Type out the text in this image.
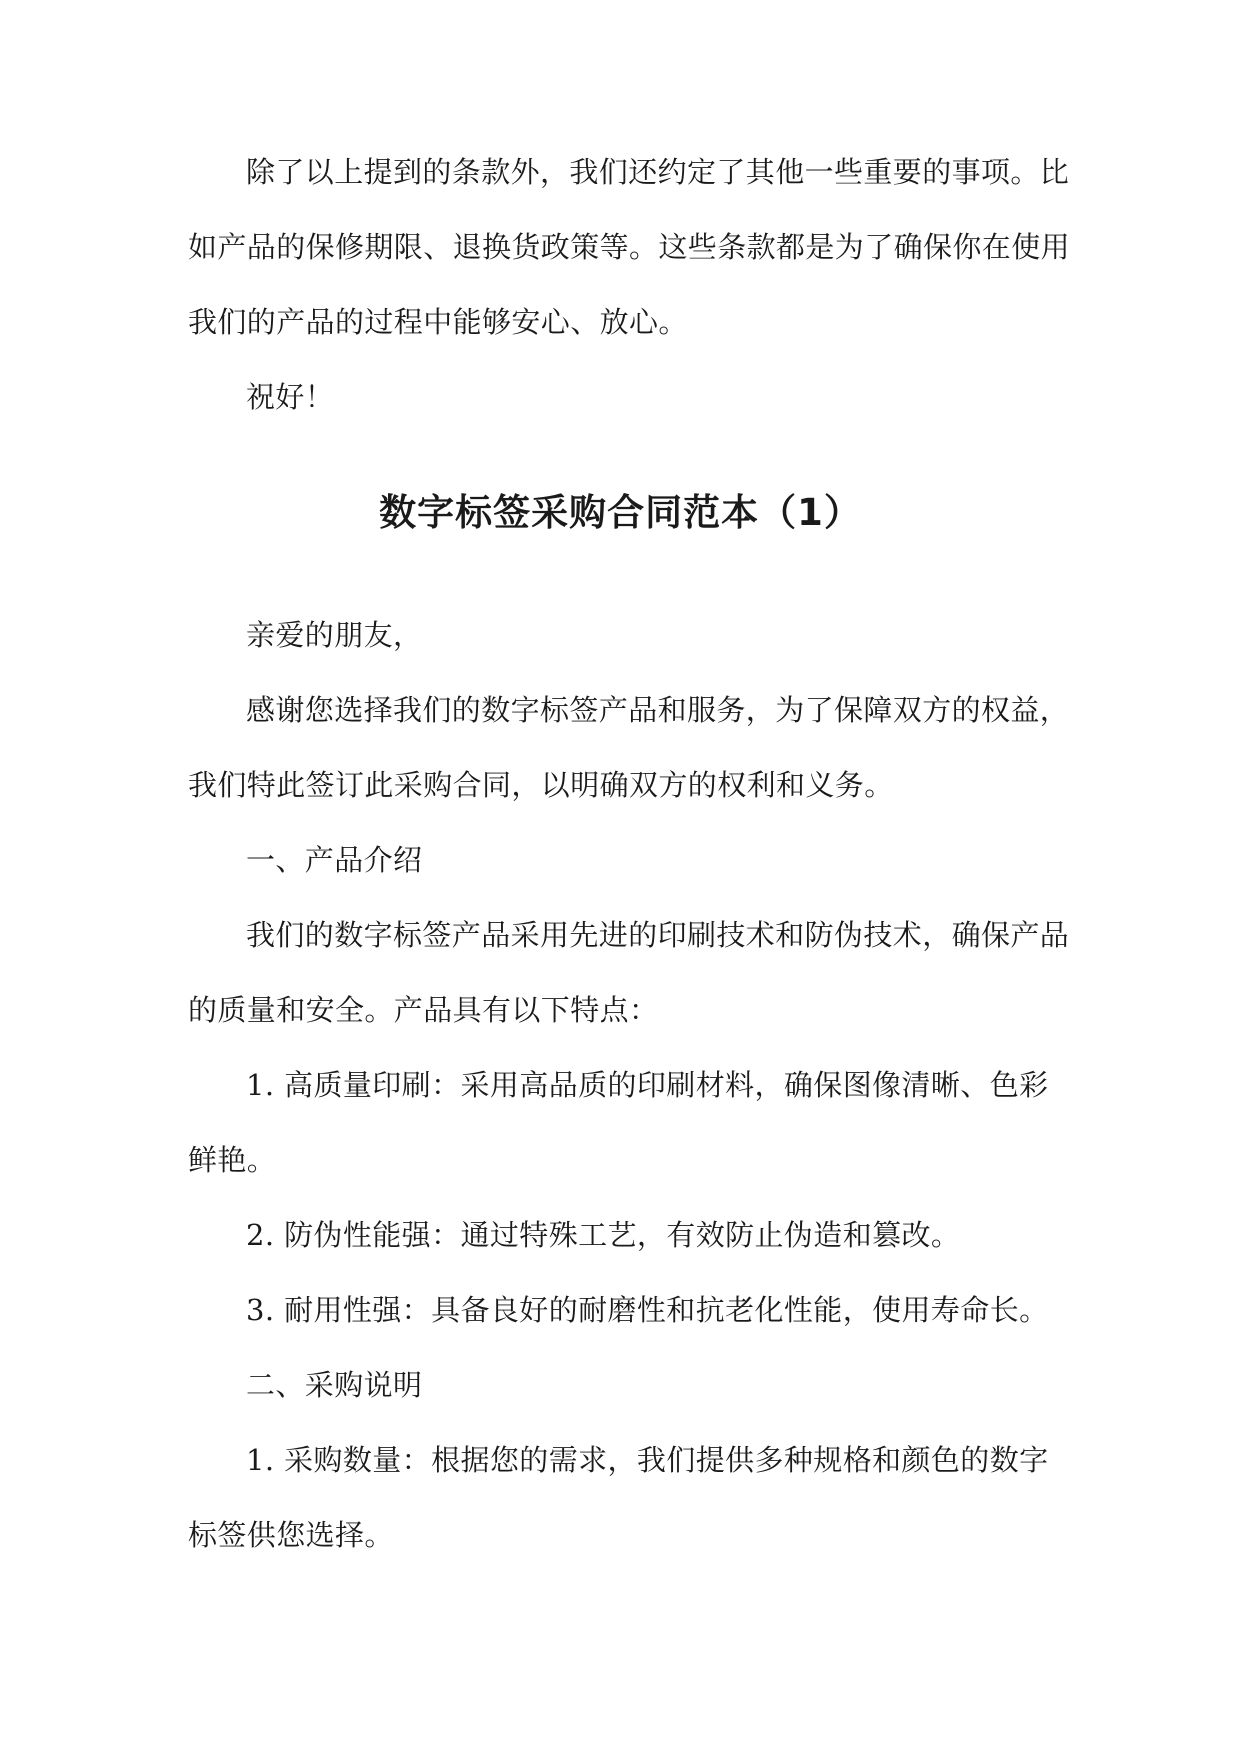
除了以上提到的条款外，我们还约定了其他一些重要的事项。比
如产品的保修期限、退换货政策等。这些条款都是为了确保你在使用
我们的产品的过程中能够安心、放心。
祝好！
数字标签采购合同范本（1）
亲爱的朋友，
感谢您选择我们的数字标签产品和服务，为了保障双方的权益，
我们特此签订此采购合同，以明确双方的权利和义务。
一、产品介绍
我们的数字标签产品采用先进的印刷技术和防伪技术，确保产品
的质量和安全。产品具有以下特点：
1. 高质量印刷：采用高品质的印刷材料，确保图像清晰、色彩
鲜艳。
2. 防伪性能强：通过特殊工艺，有效防止伪造和篡改。
3. 耐用性强：具备良好的耐磨性和抗老化性能，使用寿命长。
二、采购说明
1. 采购数量：根据您的需求，我们提供多种规格和颜色的数字
标签供您选择。
